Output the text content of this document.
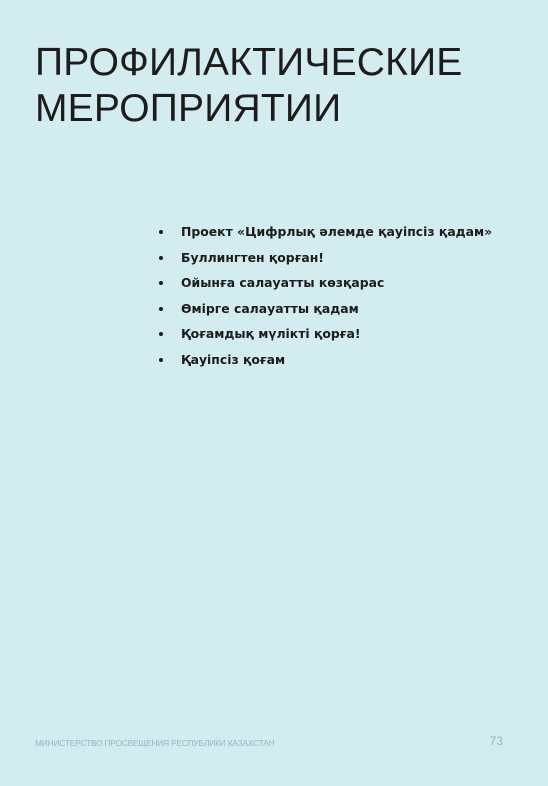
ПРОФИЛАКТИЧЕСКИЕ
МЕРОПРИЯТИИ
Проект «Цифрлық әлемде қауіпсіз қадам»
Буллингтен қорған!
Ойынға салауатты көзқарас
Өмірге салауатты қадам
Қоғамдық мүлікті қорға!
Қауіпсіз қоғам
МИНИСТЕРСТВО ПРОСВЕЩЕНИЯ РЕСПУБЛИКИ КАЗАХСТАН	73
